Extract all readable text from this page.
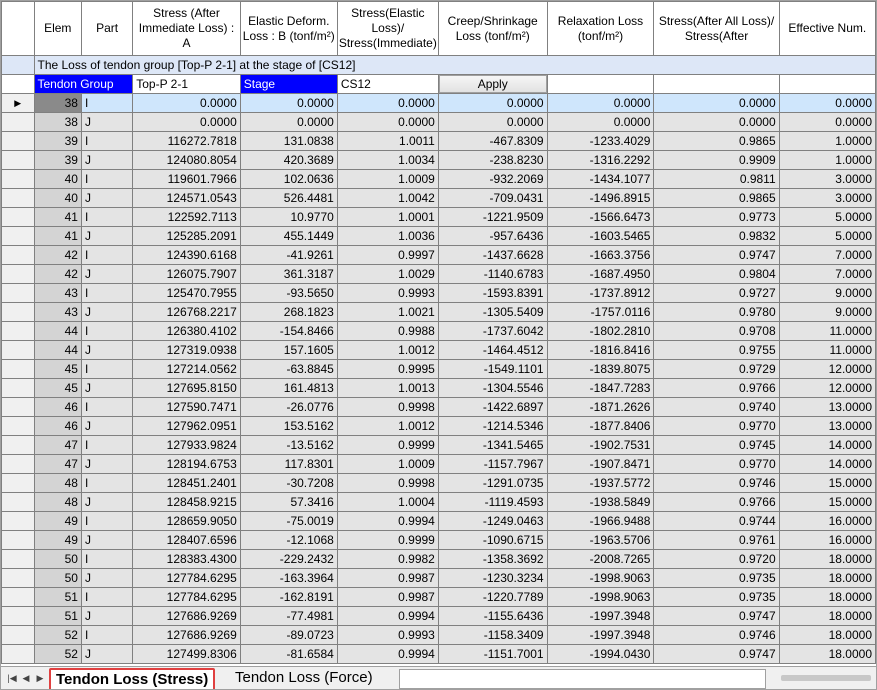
	Elem	Part	Stress (After Immediate Loss) : A	Elastic Deform. Loss : B (tonf/m²)	Stress(Elastic Loss)/ Stress(Immediate)	Creep/Shrinkage Loss (tonf/m²)	Relaxation Loss (tonf/m²)	Stress(After All Loss)/ Stress(After	Effective Num.
	The Loss of tendon group [Top-P 2-1] at the stage of [CS12]								
	Tendon Group		Top-P 2-1	Stage	CS12	Apply			

▶	38	I	0.0000	0.0000	0.0000	0.0000	0.0000	0.0000	0.0000
	38	J	0.0000	0.0000	0.0000	0.0000	0.0000	0.0000	0.0000
	39	I	116272.7818	131.0838	1.0011	-467.8309	-1233.4029	0.9865	1.0000
	39	J	124080.8054	420.3689	1.0034	-238.8230	-1316.2292	0.9909	1.0000
	40	I	119601.7966	102.0636	1.0009	-932.2069	-1434.1077	0.9811	3.0000
	40	J	124571.0543	526.4481	1.0042	-709.0431	-1496.8915	0.9865	3.0000
	41	I	122592.7113	10.9770	1.0001	-1221.9509	-1566.6473	0.9773	5.0000
	41	J	125285.2091	455.1449	1.0036	-957.6436	-1603.5465	0.9832	5.0000
	42	I	124390.6168	-41.9261	0.9997	-1437.6628	-1663.3756	0.9747	7.0000
	42	J	126075.7907	361.3187	1.0029	-1140.6783	-1687.4950	0.9804	7.0000
	43	I	125470.7955	-93.5650	0.9993	-1593.8391	-1737.8912	0.9727	9.0000
	43	J	126768.2217	268.1823	1.0021	-1305.5409	-1757.0116	0.9780	9.0000
	44	I	126380.4102	-154.8466	0.9988	-1737.6042	-1802.2810	0.9708	11.0000
	44	J	127319.0938	157.1605	1.0012	-1464.4512	-1816.8416	0.9755	11.0000
	45	I	127214.0562	-63.8845	0.9995	-1549.1101	-1839.8075	0.9729	12.0000
	45	J	127695.8150	161.4813	1.0013	-1304.5546	-1847.7283	0.9766	12.0000
	46	I	127590.7471	-26.0776	0.9998	-1422.6897	-1871.2626	0.9740	13.0000
	46	J	127962.0951	153.5162	1.0012	-1214.5346	-1877.8406	0.9770	13.0000
	47	I	127933.9824	-13.5162	0.9999	-1341.5465	-1902.7531	0.9745	14.0000
	47	J	128194.6753	117.8301	1.0009	-1157.7967	-1907.8471	0.9770	14.0000
	48	I	128451.2401	-30.7208	0.9998	-1291.0735	-1937.5772	0.9746	15.0000
	48	J	128458.9215	57.3416	1.0004	-1119.4593	-1938.5849	0.9766	15.0000
	49	I	128659.9050	-75.0019	0.9994	-1249.0463	-1966.9488	0.9744	16.0000
	49	J	128407.6596	-12.1068	0.9999	-1090.6715	-1963.5706	0.9761	16.0000
	50	I	128383.4300	-229.2432	0.9982	-1358.3692	-2008.7265	0.9720	18.0000
	50	J	127784.6295	-163.3964	0.9987	-1230.3234	-1998.9063	0.9735	18.0000
	51	I	127784.6295	-162.8191	0.9987	-1220.7789	-1998.9063	0.9735	18.0000
	51	J	127686.9269	-77.4981	0.9994	-1155.6436	-1997.3948	0.9747	18.0000
	52	I	127686.9269	-89.0723	0.9993	-1158.3409	-1997.3948	0.9746	18.0000
	52	J	127499.8306	-81.6584	0.9994	-1151.7001	-1994.0430	0.9747	18.0000
|◀ ◀ ▶ Tendon Loss (Stress)	Tendon Loss (Force)
